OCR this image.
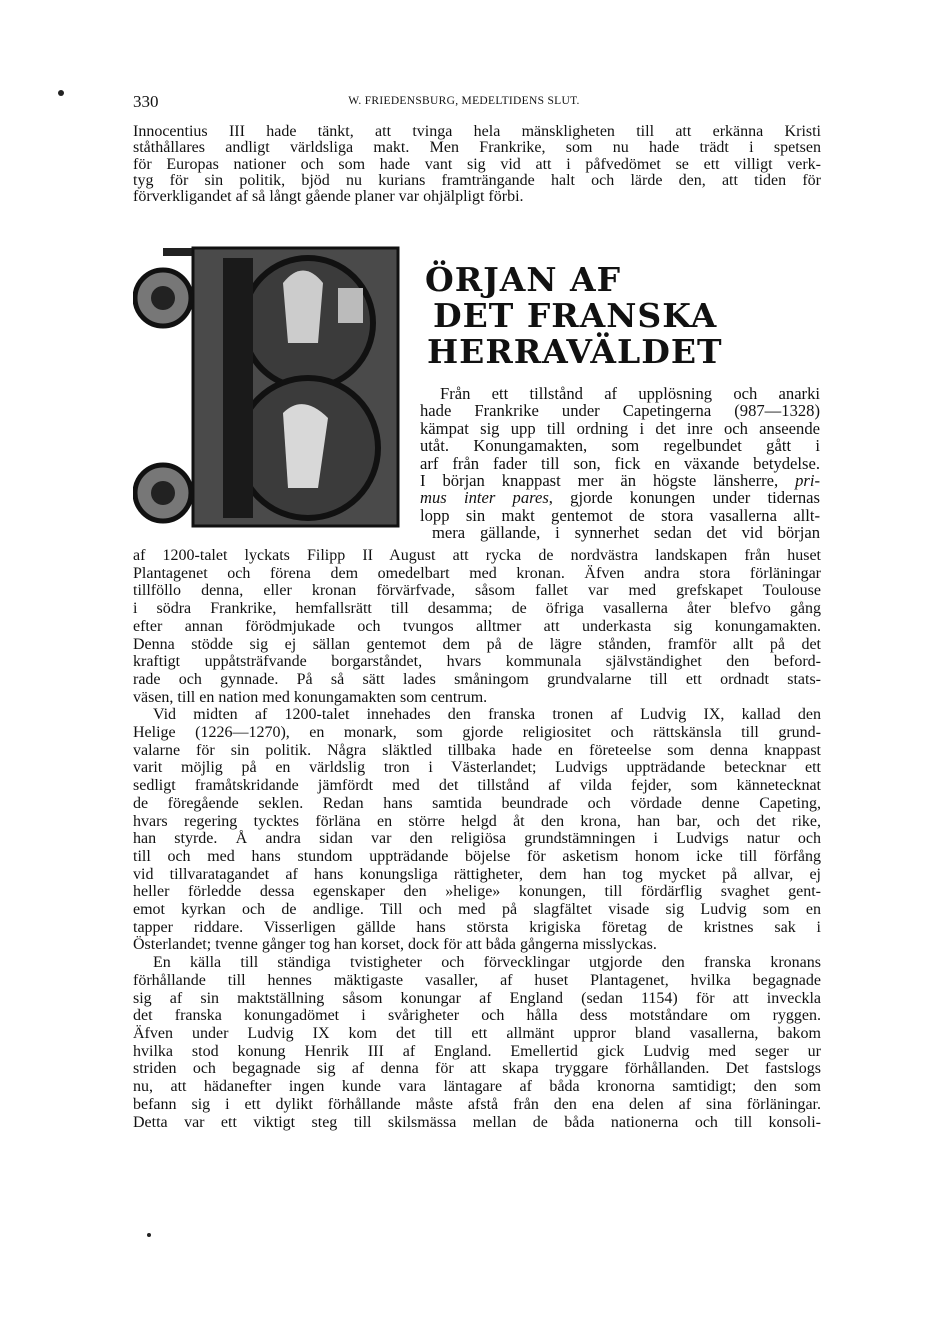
330	W. FRIEDENSBURG, MEDELTIDENS SLUT.
Innocentius III hade tänkt, att tvinga hela mänskligheten till att erkänna Kristi
ståthållares andligt världsliga makt. Men Frankrike, som nu hade trädt i spetsen
för Europas nationer och som hade vant sig vid att i påfvedömet se ett villigt verk-
tyg för sin politik, bjöd nu kurians framträngande halt och lärde den, att tiden för
förverkligandet af så långt gående planer var ohjälpligt förbi.
ÖRJAN AF
DET FRANSKA
HERRAVÄLDET
Från ett tillstånd af upplösning och anarki
hade Frankrike under Capetingerna (987—1328)
kämpat sig upp till ordning i det inre och anseende
utåt. Konungamakten, som regelbundet gått i
arf från fader till son, fick en växande betydelse.
I början knappast mer än högste länsherre, pri-
mus inter pares, gjorde konungen under tidernas
lopp sin makt gentemot de stora vasallerna allt-
mera gällande, i synnerhet sedan det vid början
af 1200-talet lyckats Filipp II August att rycka de nordvästra landskapen från huset
Plantagenet och förena dem omedelbart med kronan. Äfven andra stora förläningar
tillföllo denna, eller kronan förvärfvade, såsom fallet var med grefskapet Toulouse
i södra Frankrike, hemfallsrätt till desamma; de öfriga vasallerna åter blefvo gång
efter annan förödmjukade och tvungos alltmer att underkasta sig konungamakten.
Denna stödde sig ej sällan gentemot dem på de lägre stånden, framför allt på det
kraftigt uppåtsträfvande borgarståndet, hvars kommunala självständighet den beford-
rade och gynnade. På så sätt lades småningom grundvalarne till ett ordnadt stats-
väsen, till en nation med konungamakten som centrum.
Vid midten af 1200-talet innehades den franska tronen af Ludvig IX, kallad den
Helige (1226—1270), en monark, som gjorde religiositet och rättskänsla till grund-
valarne för sin politik. Några släktled tillbaka hade en företeelse som denna knappast
varit möjlig på en världslig tron i Västerlandet; Ludvigs uppträdande betecknar ett
sedligt framåtskridande jämfördt med det tillstånd af vilda fejder, som kännetecknat
de föregående seklen. Redan hans samtida beundrade och vördade denne Capeting,
hvars regering tycktes förläna en större helgd åt den krona, han bar, och det rike,
han styrde. Å andra sidan var den religiösa grundstämningen i Ludvigs natur och
till och med hans stundom uppträdande böjelse för asketism honom icke till förfång
vid tillvaratagandet af hans konungsliga rättigheter, dem han tog mycket på allvar, ej
heller förledde dessa egenskaper den »helige» konungen, till fördärflig svaghet gent-
emot kyrkan och de andlige. Till och med på slagfältet visade sig Ludvig som en
tapper riddare. Visserligen gällde hans största krigiska företag de kristnes sak i
Österlandet; tvenne gånger tog han korset, dock för att båda gångerna misslyckas.
En källa till ständiga tvistigheter och förvecklingar utgjorde den franska kronans
förhållande till hennes mäktigaste vasaller, af huset Plantagenet, hvilka begagnade
sig af sin maktställning såsom konungar af England (sedan 1154) för att inveckla
det franska konungadömet i svårigheter och hålla dess motståndare om ryggen.
Äfven under Ludvig IX kom det till ett allmänt uppror bland vasallerna, bakom
hvilka stod konung Henrik III af England. Emellertid gick Ludvig med seger ur
striden och begagnade sig af denna för att skapa tryggare förhållanden. Det fastslogs
nu, att hädanefter ingen kunde vara läntagare af båda kronorna samtidigt; den som
befann sig i ett dylikt förhållande måste afstå från den ena delen af sina förläningar.
Detta var ett viktigt steg till skilsmässa mellan de båda nationerna och till konsoli-
